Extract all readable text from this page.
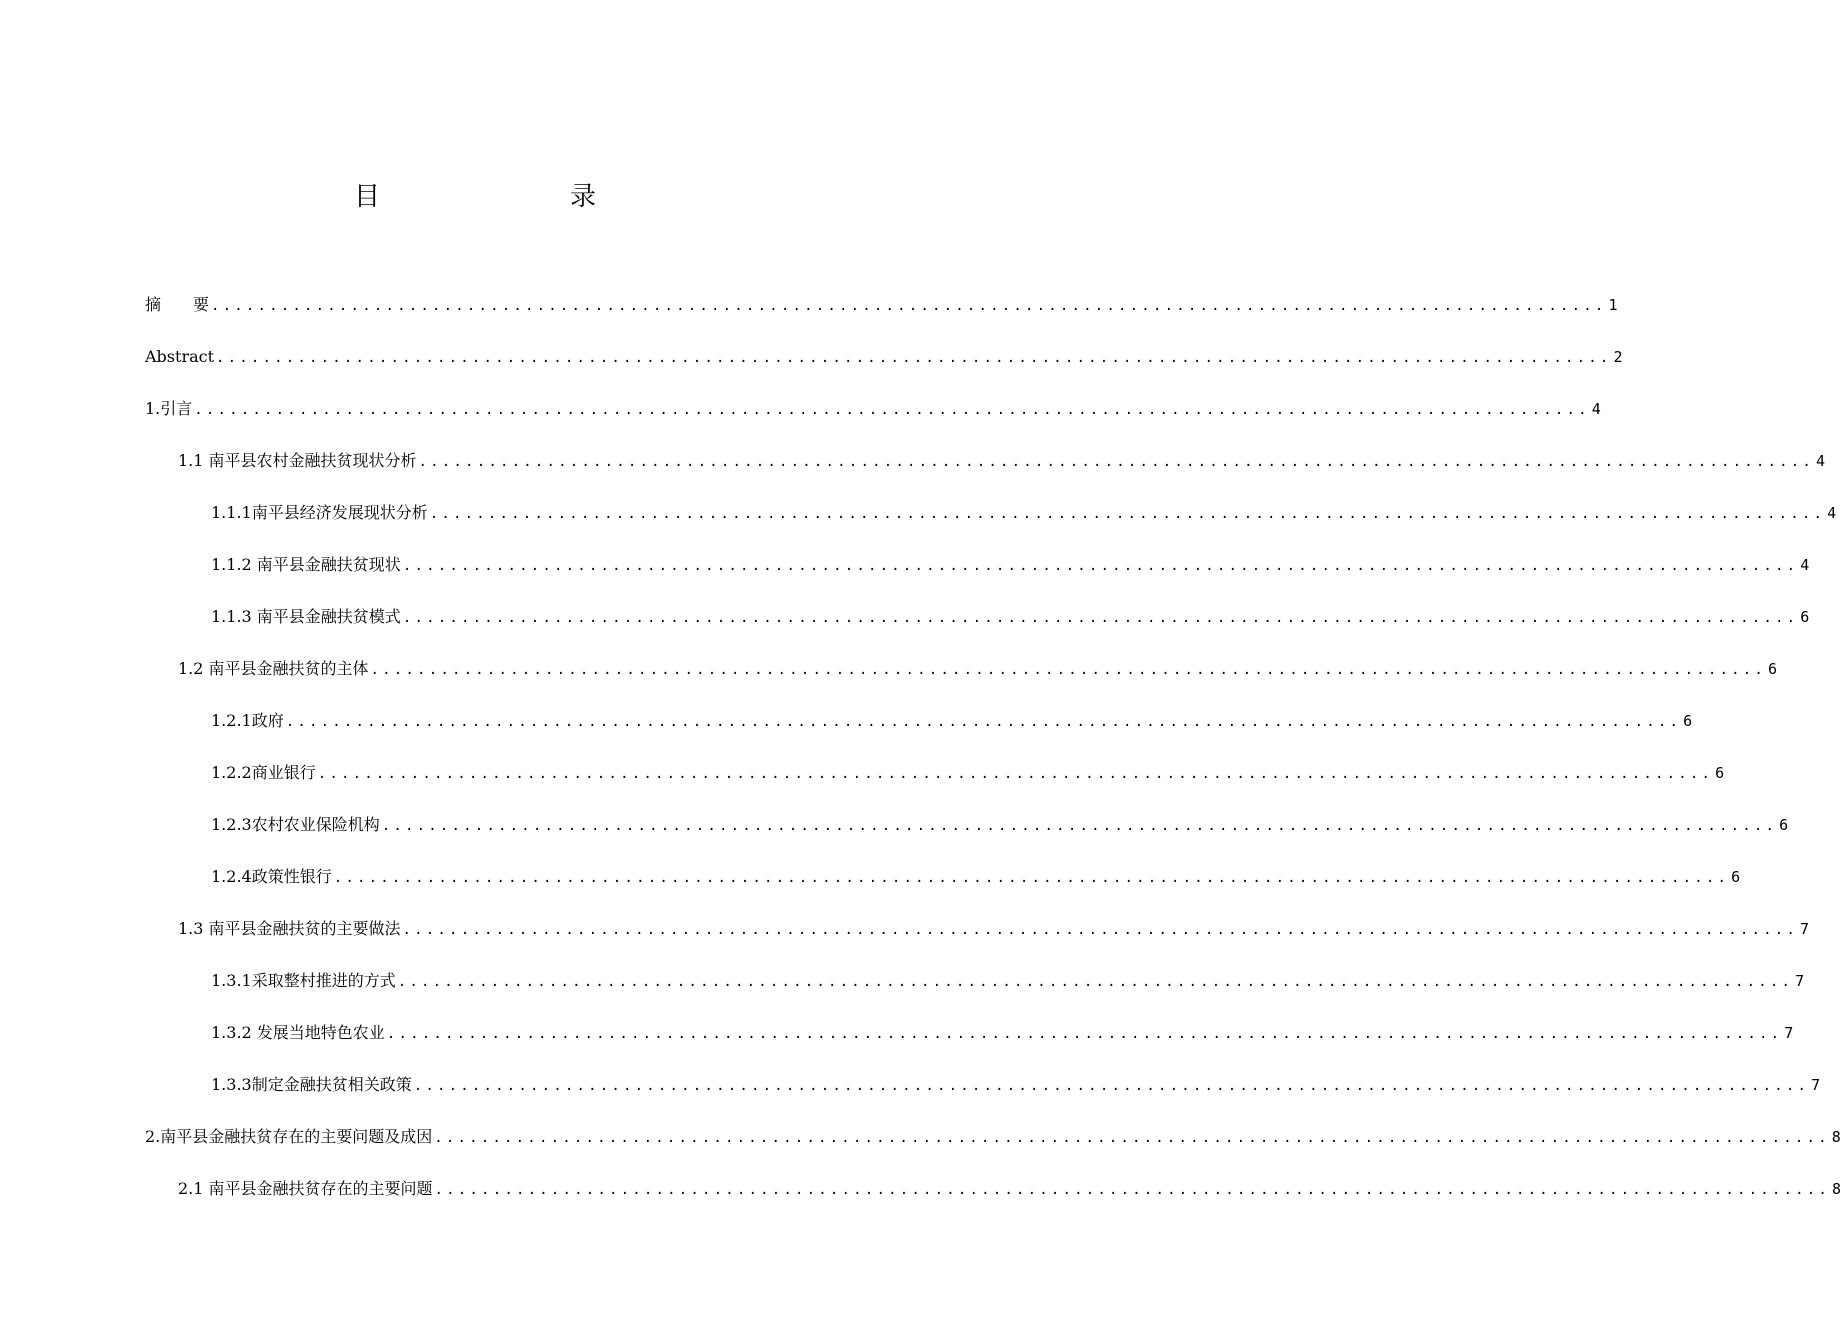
目　　录
摘　　要 ........................................................................................................................ 1
Abstract ........................................................................................................................ 2
1.引言 ........................................................................................................................ 4
1.1 南平县农村金融扶贫现状分析 ........................................................................................................................ 4
1.1.1南平县经济发展现状分析 ........................................................................................................................ 4
1.1.2 南平县金融扶贫现状 ........................................................................................................................ 4
1.1.3 南平县金融扶贫模式 ........................................................................................................................ 6
1.2 南平县金融扶贫的主体 ........................................................................................................................ 6
1.2.1政府 ........................................................................................................................ 6
1.2.2商业银行 ........................................................................................................................ 6
1.2.3农村农业保险机构 ........................................................................................................................ 6
1.2.4政策性银行 ........................................................................................................................ 6
1.3 南平县金融扶贫的主要做法 ........................................................................................................................ 7
1.3.1采取整村推进的方式 ........................................................................................................................ 7
1.3.2 发展当地特色农业 ........................................................................................................................ 7
1.3.3制定金融扶贫相关政策 ........................................................................................................................ 7
2.南平县金融扶贫存在的主要问题及成因 ........................................................................................................................ 8
2.1 南平县金融扶贫存在的主要问题 ........................................................................................................................ 8
